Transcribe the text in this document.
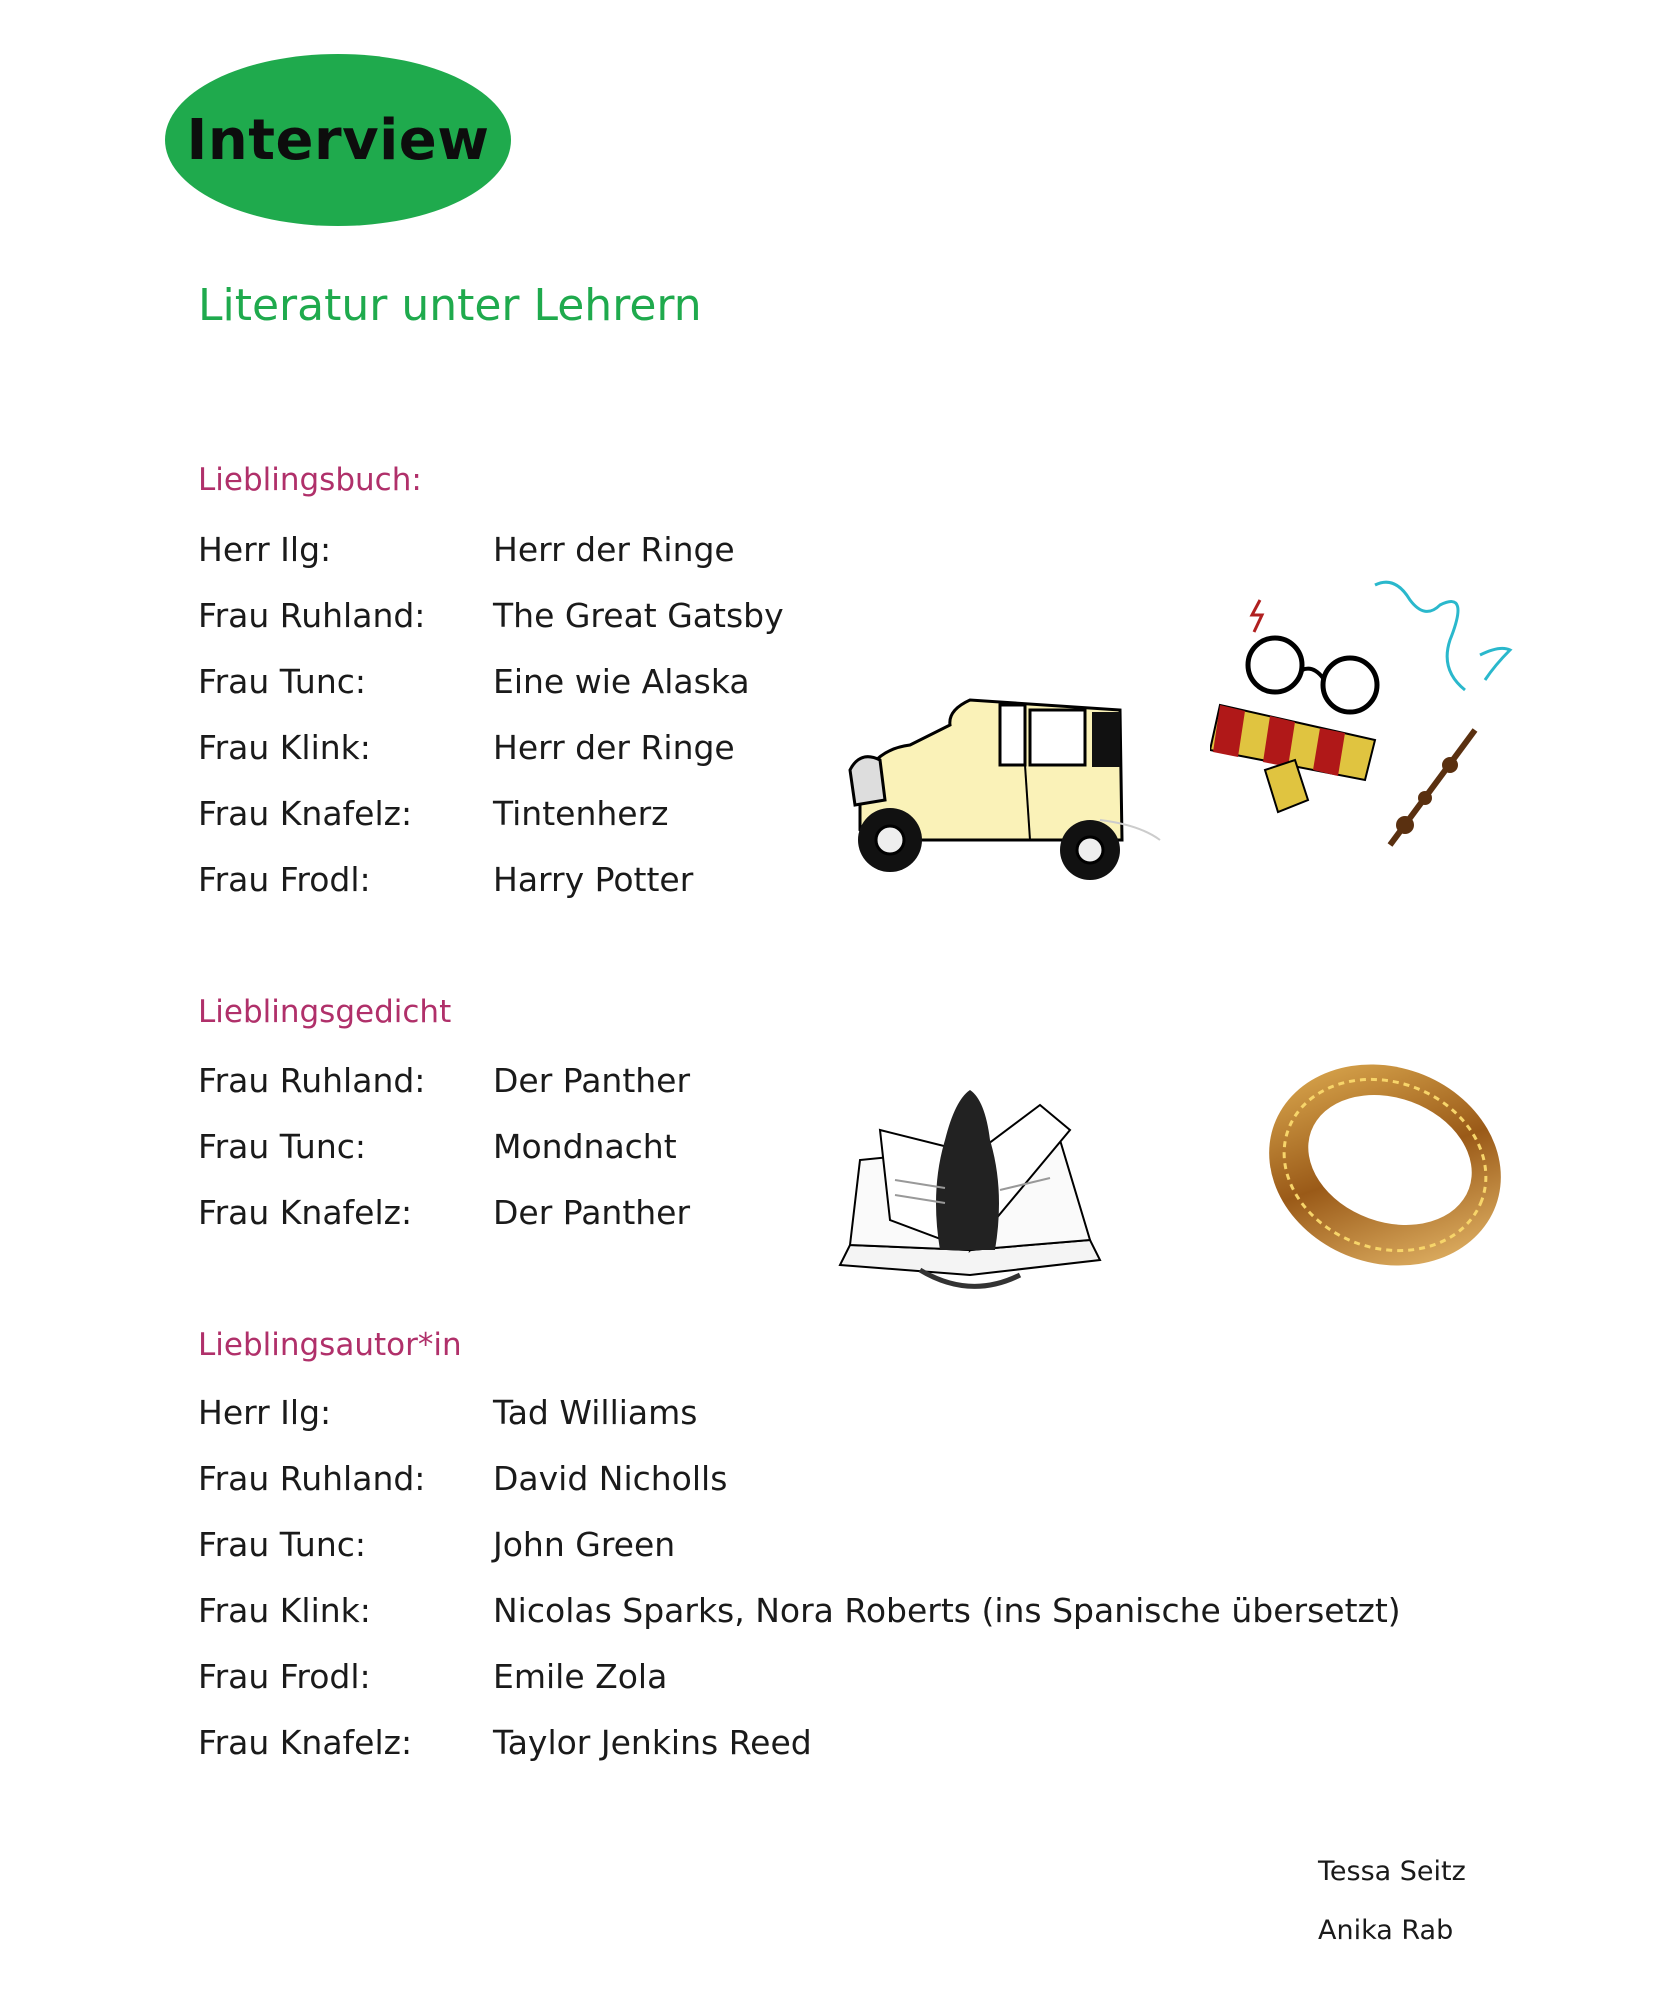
Interview
Literatur unter Lehrern
Lieblingsbuch:
Herr Ilg:	Herr der Ringe
Frau Ruhland: The Great Gatsby
Frau Tunc:	Eine wie Alaska
Frau Klink:	Herr der Ringe
Frau Knafelz: Tintenherz
Frau Frodl:	Harry Potter
Lieblingsgedicht
Frau Ruhland: Der Panther
Frau Tunc:	Mondnacht
Frau Knafelz: Der Panther
Lieblingsautor*in
Herr Ilg:	Tad Williams
Frau Ruhland: David Nicholls
Frau Tunc:	John Green
Frau Klink:	Nicolas Sparks, Nora Roberts (ins Spanische übersetzt)
Frau Frodl:	Emile Zola
Frau Knafelz: Taylor Jenkins Reed
Tessa Seitz
Anika Rab
